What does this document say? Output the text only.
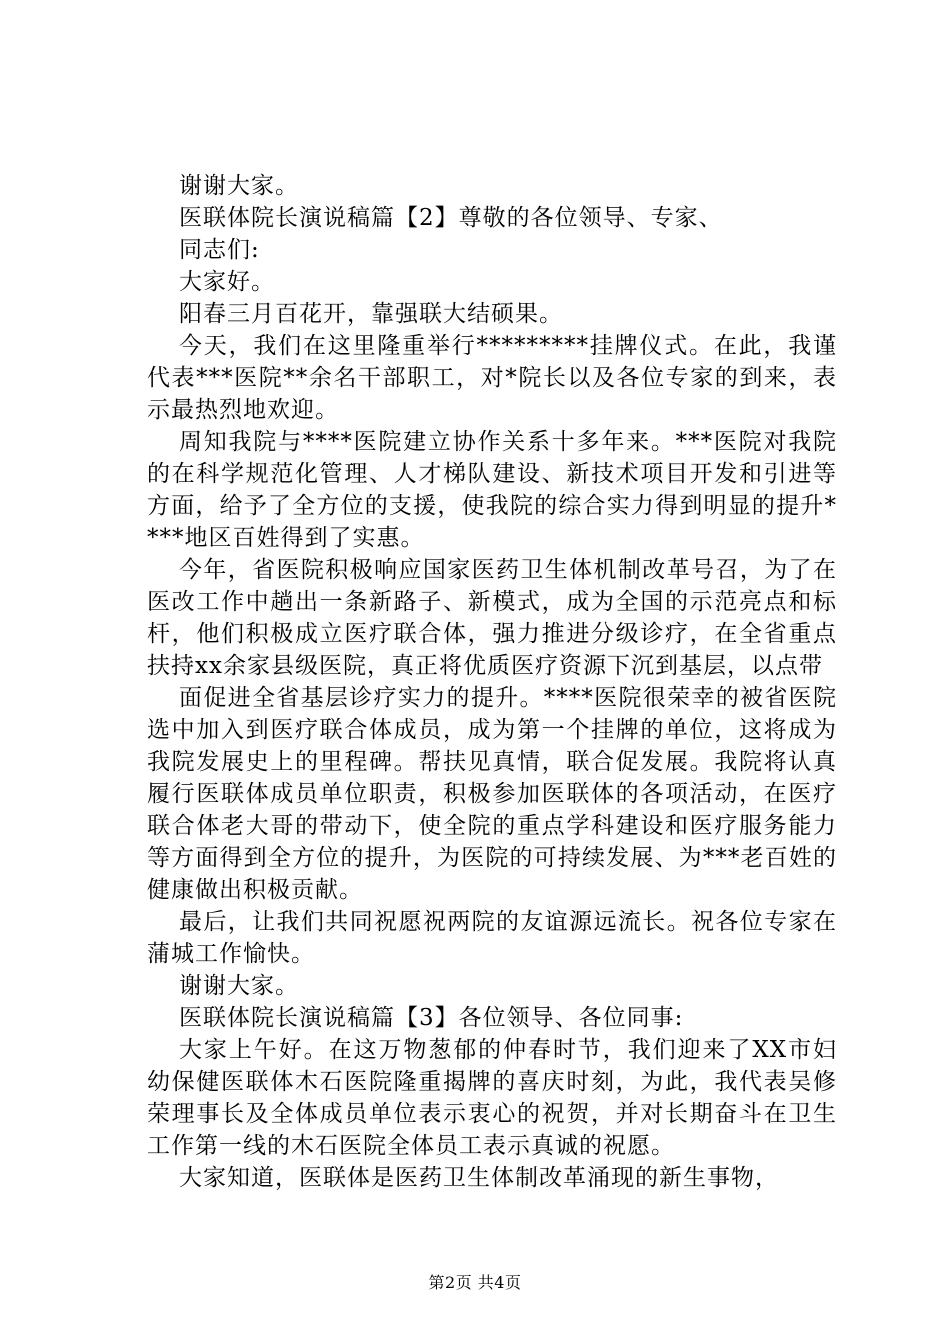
谢谢大家。

医联体院长演说稿篇【2】尊敬的各位领导、专家、

同志们:

大家好。

阳春三月百花开，靠强联大结硕果。

今天，我们在这里隆重举行*********挂牌仪式。在此，我谨代表***医院**余名干部职工，对*院长以及各位专家的到来，表示最热烈地欢迎。

周知我院与****医院建立协作关系十多年来。***医院对我院的在科学规范化管理、人才梯队建设、新技术项目开发和引进等方面，给予了全方位的支援，使我院的综合实力得到明显的提升****地区百姓得到了实惠。

今年，省医院积极响应国家医药卫生体机制改革号召，为了在医改工作中趟出一条新路子、新模式，成为全国的示范亮点和标杆，他们积极成立医疗联合体，强力推进分级诊疗，在全省重点扶持xx余家县级医院，真正将优质医疗资源下沉到基层，以点带

面促进全省基层诊疗实力的提升。****医院很荣幸的被省医院选中加入到医疗联合体成员，成为第一个挂牌的单位，这将成为我院发展史上的里程碑。帮扶见真情，联合促发展。我院将认真履行医联体成员单位职责，积极参加医联体的各项活动，在医疗联合体老大哥的带动下，使全院的重点学科建设和医疗服务能力等方面得到全方位的提升，为医院的可持续发展、为***老百姓的健康做出积极贡献。

最后，让我们共同祝愿祝两院的友谊源远流长。祝各位专家在蒲城工作愉快。

谢谢大家。

医联体院长演说稿篇【3】各位领导、各位同事:

大家上午好。在这万物葱郁的仲春时节，我们迎来了XX市妇幼保健医联体木石医院隆重揭牌的喜庆时刻，为此，我代表吴修荣理事长及全体成员单位表示衷心的祝贺，并对长期奋斗在卫生工作第一线的木石医院全体员工表示真诚的祝愿。

大家知道，医联体是医药卫生体制改革涌现的新生事物，

第2页 共4页
